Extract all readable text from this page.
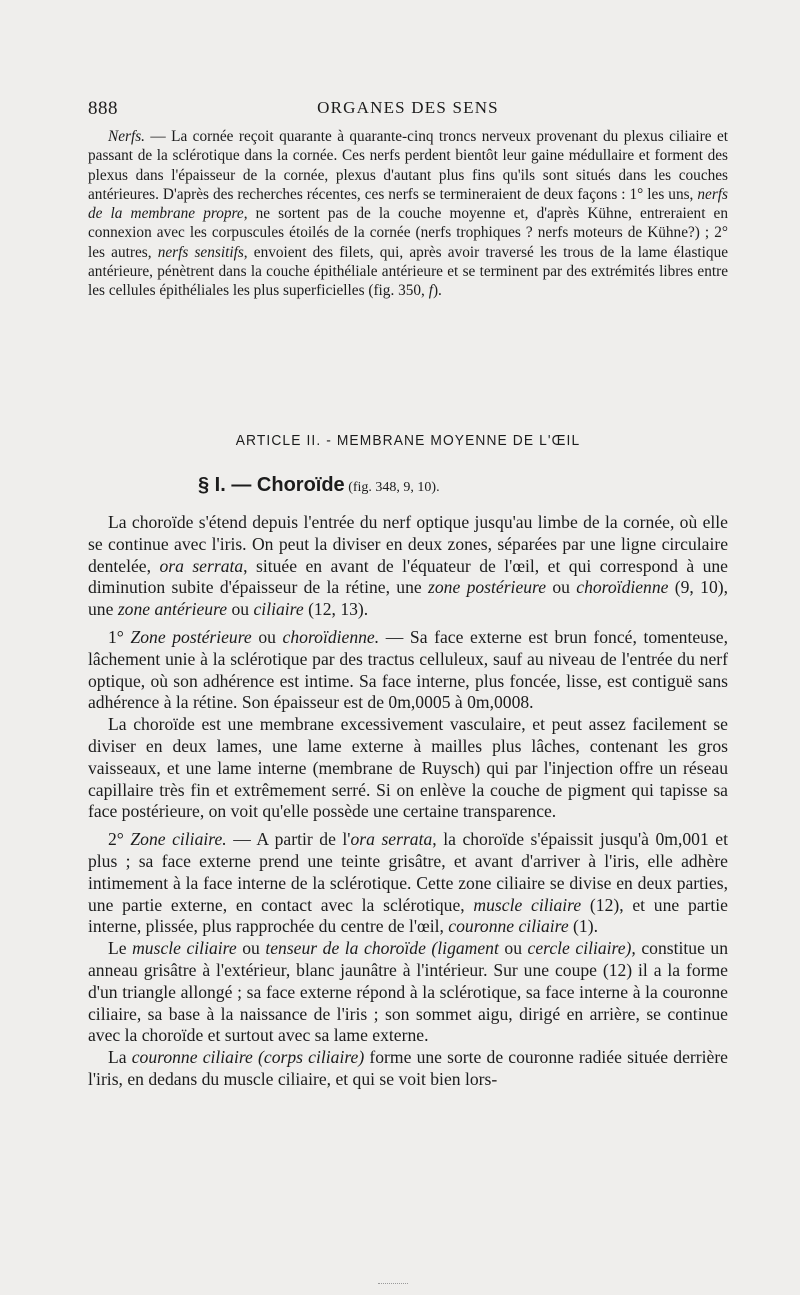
888	ORGANES DES SENS

Nerfs. — La cornée reçoit quarante à quarante-cinq troncs nerveux provenant du plexus ciliaire et passant de la sclérotique dans la cornée. Ces nerfs perdent bientôt leur gaine médullaire et forment des plexus dans l'épaisseur de la cornée, plexus d'autant plus fins qu'ils sont situés dans les couches antérieures. D'après des recherches récentes, ces nerfs se termineraient de deux façons : 1° les uns, nerfs de la membrane propre, ne sortent pas de la couche moyenne et, d'après Kühne, entreraient en connexion avec les corpuscules étoilés de la cornée (nerfs trophiques ? nerfs moteurs de Kühne?) ; 2° les autres, nerfs sensitifs, envoient des filets, qui, après avoir traversé les trous de la lame élastique antérieure, pénètrent dans la couche épithéliale antérieure et se terminent par des extrémités libres entre les cellules épithéliales les plus superficielles (fig. 350, f).

ARTICLE II. - MEMBRANE MOYENNE DE L'ŒIL
§ I. — Choroïde (fig. 348, 9, 10).

La choroïde s'étend depuis l'entrée du nerf optique jusqu'au limbe de la cornée, où elle se continue avec l'iris. On peut la diviser en deux zones, séparées par une ligne circulaire dentelée, ora serrata, située en avant de l'équateur de l'œil, et qui correspond à une diminution subite d'épaisseur de la rétine, une zone postérieure ou choroïdienne (9, 10), une zone antérieure ou ciliaire (12, 13).

1° Zone postérieure ou choroïdienne. — Sa face externe est brun foncé, tomenteuse, lâchement unie à la sclérotique par des tractus celluleux, sauf au niveau de l'entrée du nerf optique, où son adhérence est intime. Sa face interne, plus foncée, lisse, est contiguë sans adhérence à la rétine. Son épaisseur est de 0m,0005 à 0m,0008.

La choroïde est une membrane excessivement vasculaire, et peut assez facilement se diviser en deux lames, une lame externe à mailles plus lâches, contenant les gros vaisseaux, et une lame interne (membrane de Ruysch) qui par l'injection offre un réseau capillaire très fin et extrêmement serré. Si on enlève la couche de pigment qui tapisse sa face postérieure, on voit qu'elle possède une certaine transparence.

2° Zone ciliaire. — A partir de l'ora serrata, la choroïde s'épaissit jusqu'à 0m,001 et plus ; sa face externe prend une teinte grisâtre, et avant d'arriver à l'iris, elle adhère intimement à la face interne de la sclérotique. Cette zone ciliaire se divise en deux parties, une partie externe, en contact avec la sclérotique, muscle ciliaire (12), et une partie interne, plissée, plus rapprochée du centre de l'œil, couronne ciliaire (1).

Le muscle ciliaire ou tenseur de la choroïde (ligament ou cercle ciliaire), constitue un anneau grisâtre à l'extérieur, blanc jaunâtre à l'intérieur. Sur une coupe (12) il a la forme d'un triangle allongé ; sa face externe répond à la sclérotique, sa face interne à la couronne ciliaire, sa base à la naissance de l'iris ; son sommet aigu, dirigé en arrière, se continue avec la choroïde et surtout avec sa lame externe.

La couronne ciliaire (corps ciliaire) forme une sorte de couronne radiée située derrière l'iris, en dedans du muscle ciliaire, et qui se voit bien lors-
